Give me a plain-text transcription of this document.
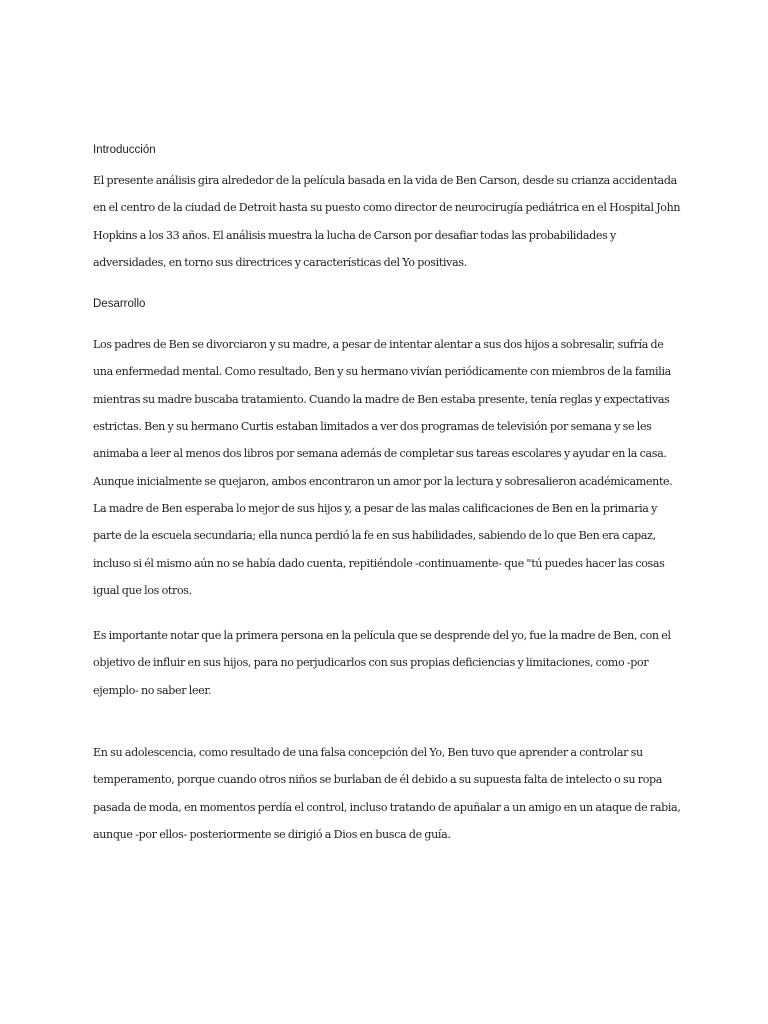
Introducción

El presente análisis gira alrededor de la película basada en la vida de Ben Carson, desde su crianza accidentada en el centro de la ciudad de Detroit hasta su puesto como director de neurocirugía pediátrica en el Hospital John Hopkins a los 33 años. El análisis muestra la lucha de Carson por desafiar todas las probabilidades y adversidades, en torno sus directrices y características del Yo positivas.

Desarrollo

Los padres de Ben se divorciaron y su madre, a pesar de intentar alentar a sus dos hijos a sobresalir, sufría de una enfermedad mental. Como resultado, Ben y su hermano vivían periódicamente con miembros de la familia mientras su madre buscaba tratamiento. Cuando la madre de Ben estaba presente, tenía reglas y expectativas estrictas. Ben y su hermano Curtis estaban limitados a ver dos programas de televisión por semana y se les animaba a leer al menos dos libros por semana además de completar sus tareas escolares y ayudar en la casa. Aunque inicialmente se quejaron, ambos encontraron un amor por la lectura y sobresalieron académicamente. La madre de Ben esperaba lo mejor de sus hijos y, a pesar de las malas calificaciones de Ben en la primaria y parte de la escuela secundaria; ella nunca perdió la fe en sus habilidades, sabiendo de lo que Ben era capaz, incluso si él mismo aún no se había dado cuenta, repitiéndole -continuamente- que "tú puedes hacer las cosas igual que los otros.

Es importante notar que la primera persona en la película que se desprende del yo, fue la madre de Ben, con el objetivo de influir en sus hijos, para no perjudicarlos con sus propias deficiencias y limitaciones, como -por ejemplo- no saber leer.

En su adolescencia, como resultado de una falsa concepción del Yo, Ben tuvo que aprender a controlar su temperamento, porque cuando otros niños se burlaban de él debido a su supuesta falta de intelecto o su ropa pasada de moda, en momentos perdía el control, incluso tratando de apuñalar a un amigo en un ataque de rabia, aunque -por ellos- posteriormente se dirigió a Dios en busca de guía.
